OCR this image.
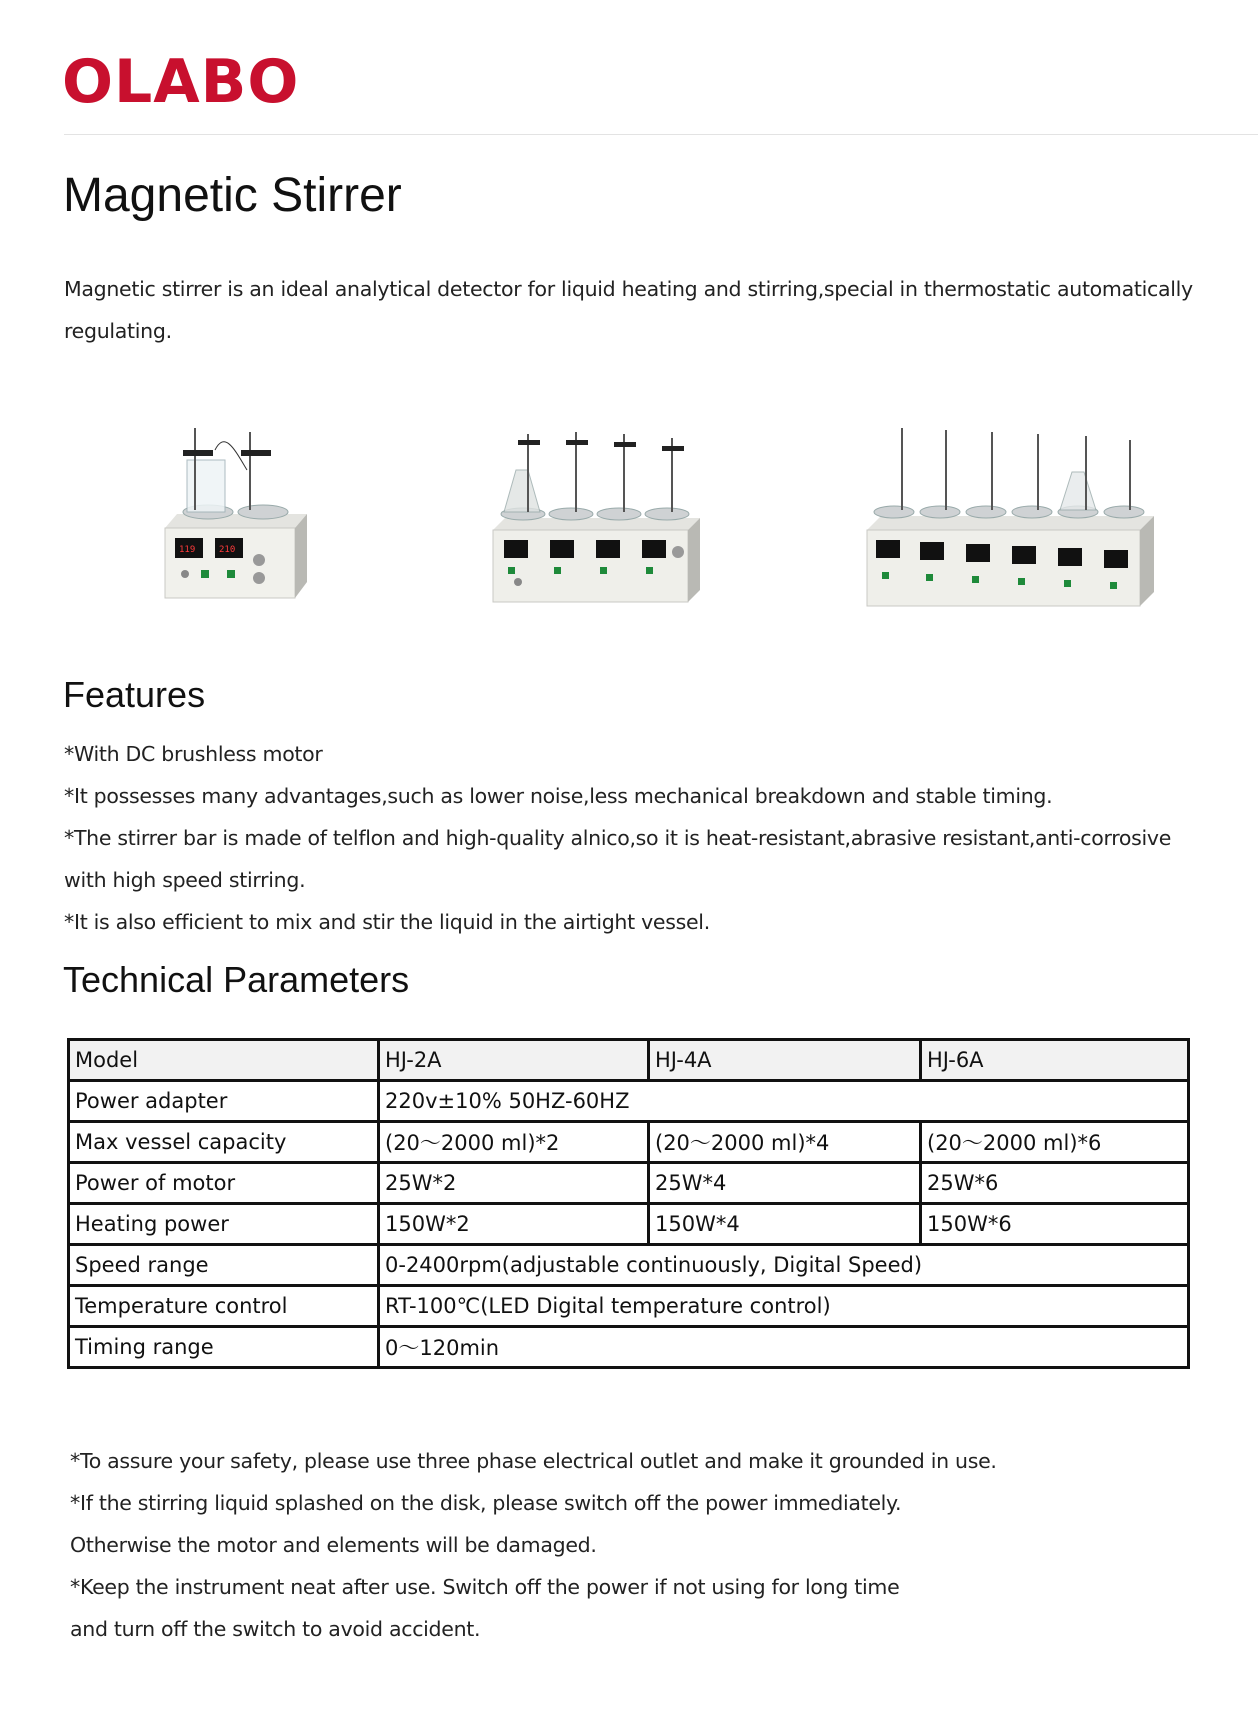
OLABO
Magnetic Stirrer

Magnetic stirrer is an ideal analytical detector for liquid heating and stirring,special in thermostatic automatically regulating.

119	210
Features
*With DC brushless motor
*It possesses many advantages,such as lower noise,less mechanical breakdown and stable timing.
*The stirrer bar is made of telflon and high-quality alnico,so it is heat-resistant,abrasive resistant,anti-corrosive with high speed stirring.
*It is also efficient to mix and stir the liquid in the airtight vessel.
Technical Parameters
Model	HJ-2A	HJ-4A	HJ-6A
Power adapter	220v±10% 50HZ-60HZ		
Max vessel capacity	(20～2000 ml)*2	(20～2000 ml)*4	(20～2000 ml)*6
Power of motor	25W*2	25W*4	25W*6
Heating power	150W*2	150W*4	150W*6
Speed range	0-2400rpm(adjustable continuously, Digital Speed)		
Temperature control	RT-100℃(LED Digital temperature control)		
Timing range	0～120min		
*To assure your safety, please use three phase electrical outlet and make it grounded in use.
*If the stirring liquid splashed on the disk, please switch off the power immediately.
Otherwise the motor and elements will be damaged.
*Keep the instrument neat after use. Switch off the power if not using for long time
and turn off the switch to avoid accident.
